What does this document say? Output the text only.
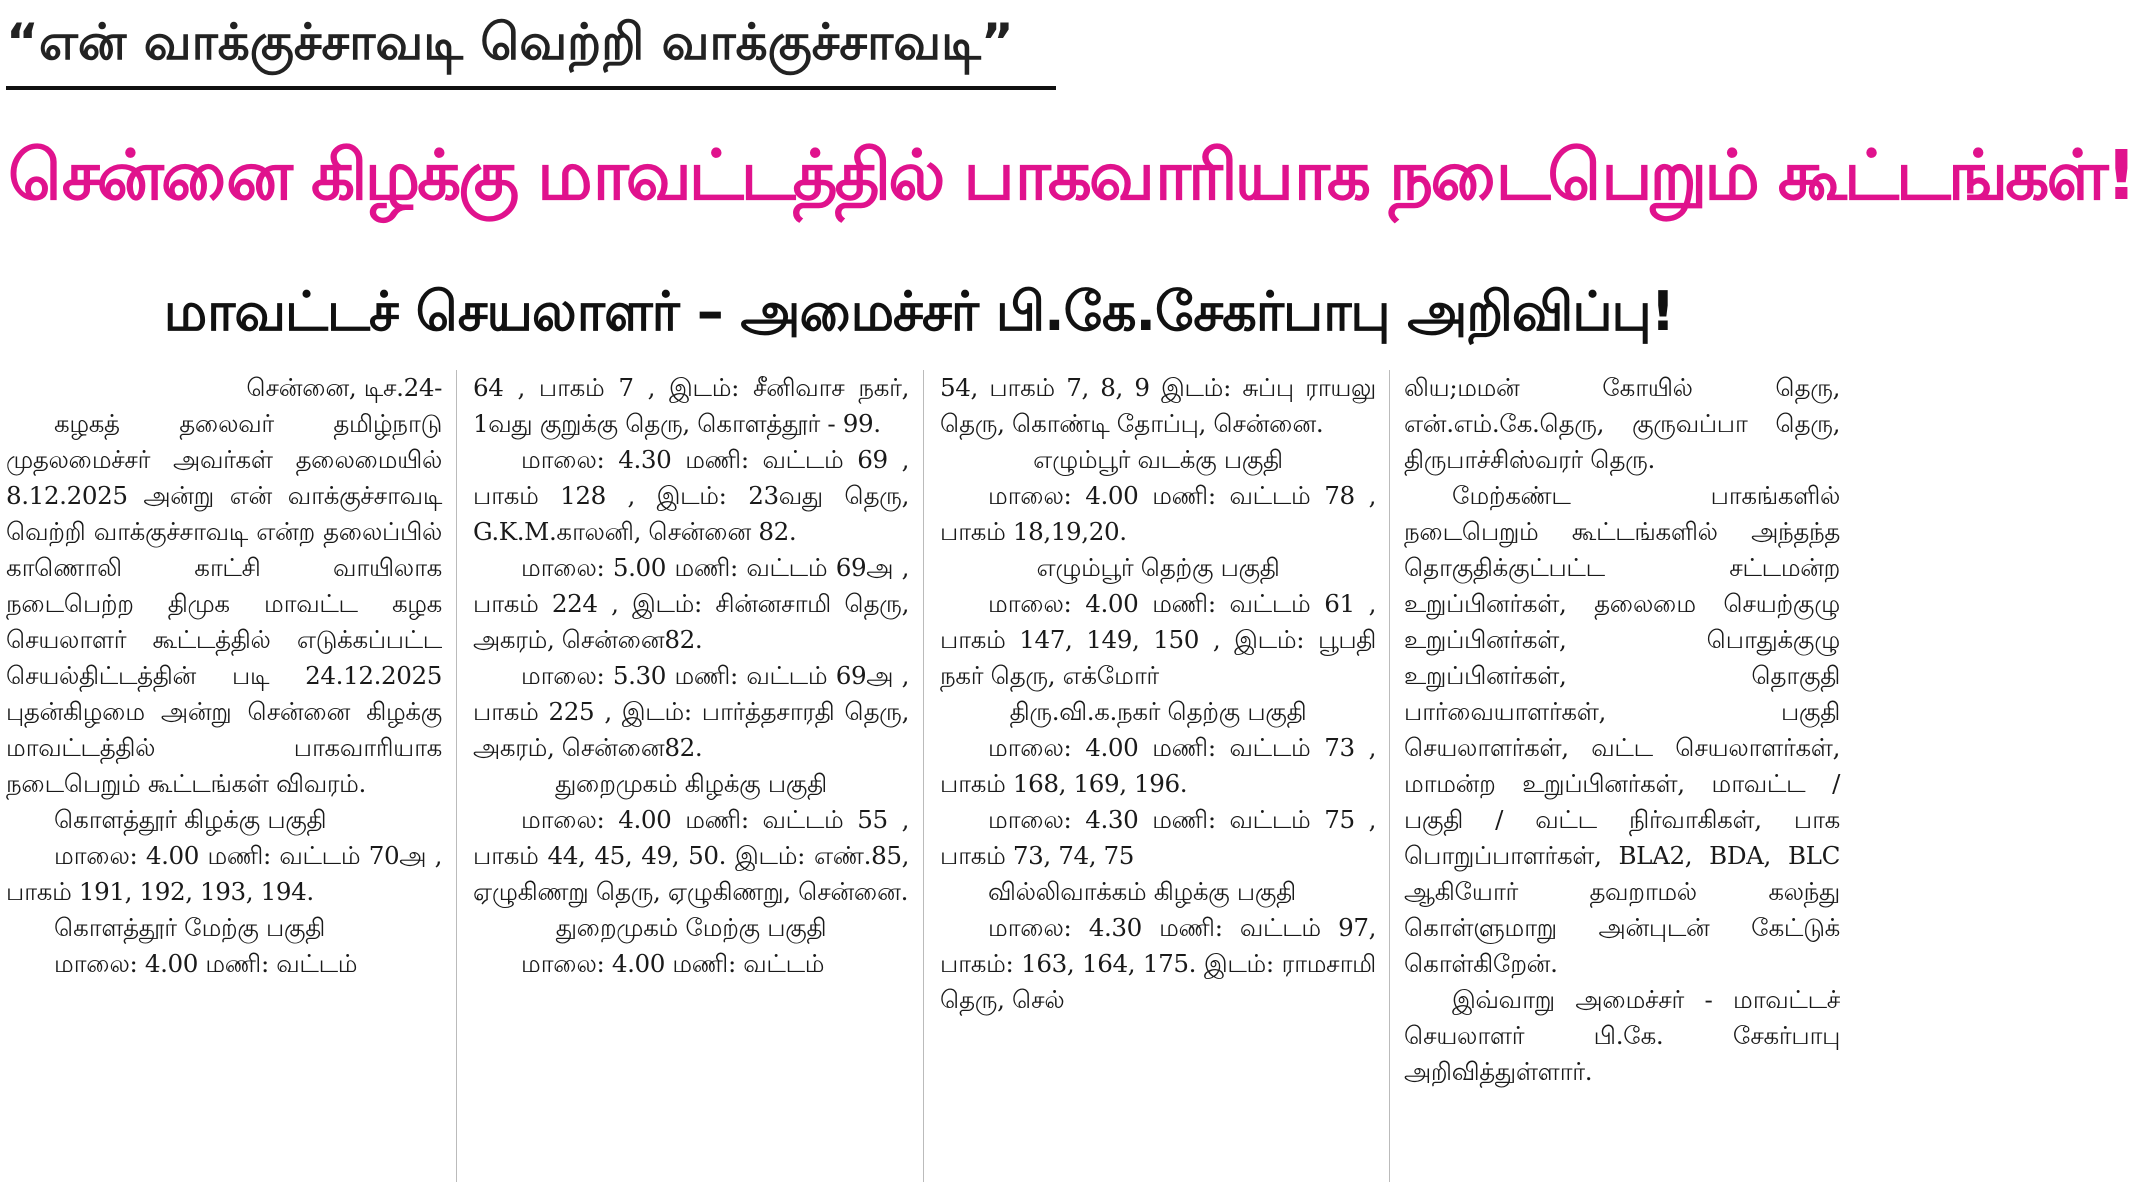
“என் வாக்குச்சாவடி வெற்றி வாக்குச்சாவடி”
சென்னை கிழக்கு மாவட்டத்தில் பாகவாரியாக நடைபெறும் கூட்டங்கள்!
மாவட்டச் செயலாளர் – அமைச்சர் பி.கே.சேகர்பாபு அறிவிப்பு!

சென்னை, டிச.24-

கழகத் தலைவர் தமிழ்நாடு முதலமைச்சர் அவர்கள் தலைமையில் 8.12.2025 அன்று என் வாக்குச்சாவடி வெற்றி வாக்குச்சாவடி என்ற தலைப்பில் காணொலி காட்சி வாயிலாக நடைபெற்ற திமுக மாவட்ட கழக செயலாளர் கூட்டத்தில் எடுக்கப்பட்ட செயல்திட்டத்தின் படி 24.12.2025 புதன்கிழமை அன்று சென்னை கிழக்கு மாவட்டத்தில் பாகவாரியாக நடைபெறும் கூட்டங்கள் விவரம்.

கொளத்தூர் கிழக்கு பகுதி

மாலை: 4.00 மணி: வட்டம் 70அ , பாகம் 191, 192, 193, 194.

கொளத்தூர் மேற்கு பகுதி

மாலை: 4.00 மணி: வட்டம்

64 , பாகம் 7 , இடம்: சீனிவாச நகர், 1வது குறுக்கு தெரு, கொளத்தூர் - 99.

மாலை: 4.30 மணி: வட்டம் 69 , பாகம் 128 , இடம்: 23வது தெரு, G.K.M.காலனி, சென்னை 82.

மாலை: 5.00 மணி: வட்டம் 69அ , பாகம் 224 , இடம்: சின்னசாமி தெரு, அகரம், சென்னை82.

மாலை: 5.30 மணி: வட்டம் 69அ , பாகம் 225 , இடம்: பார்த்தசாரதி தெரு, அகரம், சென்னை82.

துறைமுகம் கிழக்கு பகுதி

மாலை: 4.00 மணி: வட்டம் 55 , பாகம் 44, 45, 49, 50. இடம்: எண்.85, ஏழுகிணறு தெரு, ஏழுகிணறு, சென்னை.

துறைமுகம் மேற்கு பகுதி

மாலை: 4.00 மணி: வட்டம்

54, பாகம் 7, 8, 9 இடம்: சுப்பு ராயலு தெரு, கொண்டி தோப்பு, சென்னை.

எழும்பூர் வடக்கு பகுதி

மாலை: 4.00 மணி: வட்டம் 78 , பாகம் 18,19,20.

எழும்பூர் தெற்கு பகுதி

மாலை: 4.00 மணி: வட்டம் 61 , பாகம் 147, 149, 150 , இடம்: பூபதி நகர் தெரு, எக்மோர்

திரு.வி.க.நகர் தெற்கு பகுதி

மாலை: 4.00 மணி: வட்டம் 73 , பாகம் 168, 169, 196.

மாலை: 4.30 மணி: வட்டம் 75 , பாகம் 73, 74, 75

வில்லிவாக்கம் கிழக்கு பகுதி

மாலை: 4.30 மணி: வட்டம் 97, பாகம்: 163, 164, 175. இடம்: ராமசாமி தெரு, செல்

லிய;மமன் கோயில் தெரு, என்.எம்.கே.தெரு, குருவப்பா தெரு, திருபாச்சிஸ்வரர் தெரு.

மேற்கண்ட பாகங்களில் நடைபெறும் கூட்டங்களில் அந்தந்த தொகுதிக்குட்பட்ட சட்டமன்ற உறுப்பினர்கள், தலைமை செயற்குழு உறுப்பினர்கள், பொதுக்குழு உறுப்பினர்கள், தொகுதி பார்வையாளர்கள், பகுதி செயலாளர்கள், வட்ட செயலாளர்கள், மாமன்ற உறுப்பினர்கள், மாவட்ட / பகுதி / வட்ட நிர்வாகிகள், பாக பொறுப்பாளர்கள், BLA2, BDA, BLC ஆகியோர் தவறாமல் கலந்து கொள்ளுமாறு அன்புடன் கேட்டுக் கொள்கிறேன்.

இவ்வாறு அமைச்சர் - மாவட்டச் செயலாளர் பி.கே. சேகர்பாபு அறிவித்துள்ளார்.
